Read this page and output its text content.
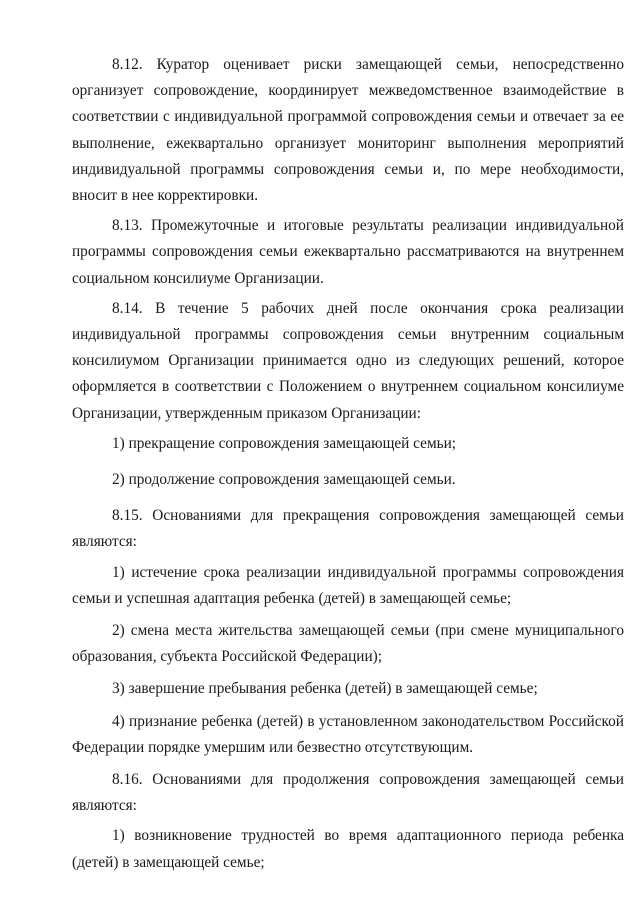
8.12. Куратор оценивает риски замещающей семьи, непосредственно организует сопровождение, координирует межведомственное взаимодействие в соответствии с индивидуальной программой сопровождения семьи и отвечает за ее выполнение, ежеквартально организует мониторинг выполнения мероприятий индивидуальной программы сопровождения семьи и, по мере необходимости, вносит в нее корректировки.

8.13. Промежуточные и итоговые результаты реализации индивидуальной программы сопровождения семьи ежеквартально рассматриваются на внутреннем социальном консилиуме Организации.

8.14. В течение 5 рабочих дней после окончания срока реализации индивидуальной программы сопровождения семьи внутренним социальным консилиумом Организации принимается одно из следующих решений, которое оформляется в соответствии с Положением о внутреннем социальном консилиуме Организации, утвержденным приказом Организации:

1) прекращение сопровождения замещающей семьи;

2) продолжение сопровождения замещающей семьи.

8.15. Основаниями для прекращения сопровождения замещающей семьи являются:

1) истечение срока реализации индивидуальной программы сопровождения семьи и успешная адаптация ребенка (детей) в замещающей семье;

2) смена места жительства замещающей семьи (при смене муниципального образования, субъекта Российской Федерации);

3) завершение пребывания ребенка (детей) в замещающей семье;

4) признание ребенка (детей) в установленном законодательством Российской Федерации порядке умершим или безвестно отсутствующим.

8.16. Основаниями для продолжения сопровождения замещающей семьи являются:

1) возникновение трудностей во время адаптационного периода ребенка (детей) в замещающей семье;
